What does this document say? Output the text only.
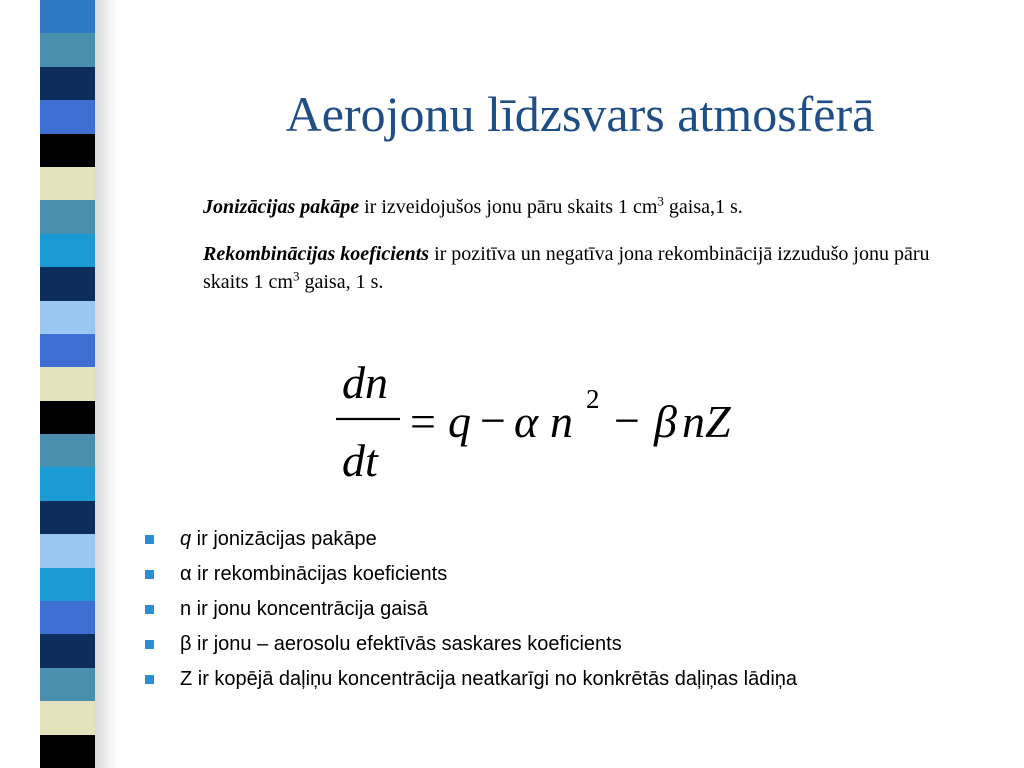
Aerojonu līdzsvars atmosfērā

Jonizācijas pakāpe ir izveidojušos jonu pāru skaits 1 $cm^3$ gaisa,1 s.

Rekombinācijas koeficients ir pozitīva un negatīva jona rekombinācijā izzudušo jonu pāru skaits 1 $cm^3$ gaisa, 1 s.

dn
dt
= q − α n 2 − β nZ
q ir jonizācijas pakāpe
α ir rekombinācijas koeficients
n ir jonu koncentrācija gaisā
β ir jonu – aerosolu efektīvās saskares koeficients
Z ir kopējā daļiņu koncentrācija neatkarīgi no konkrētās daļiņas lādiņa
